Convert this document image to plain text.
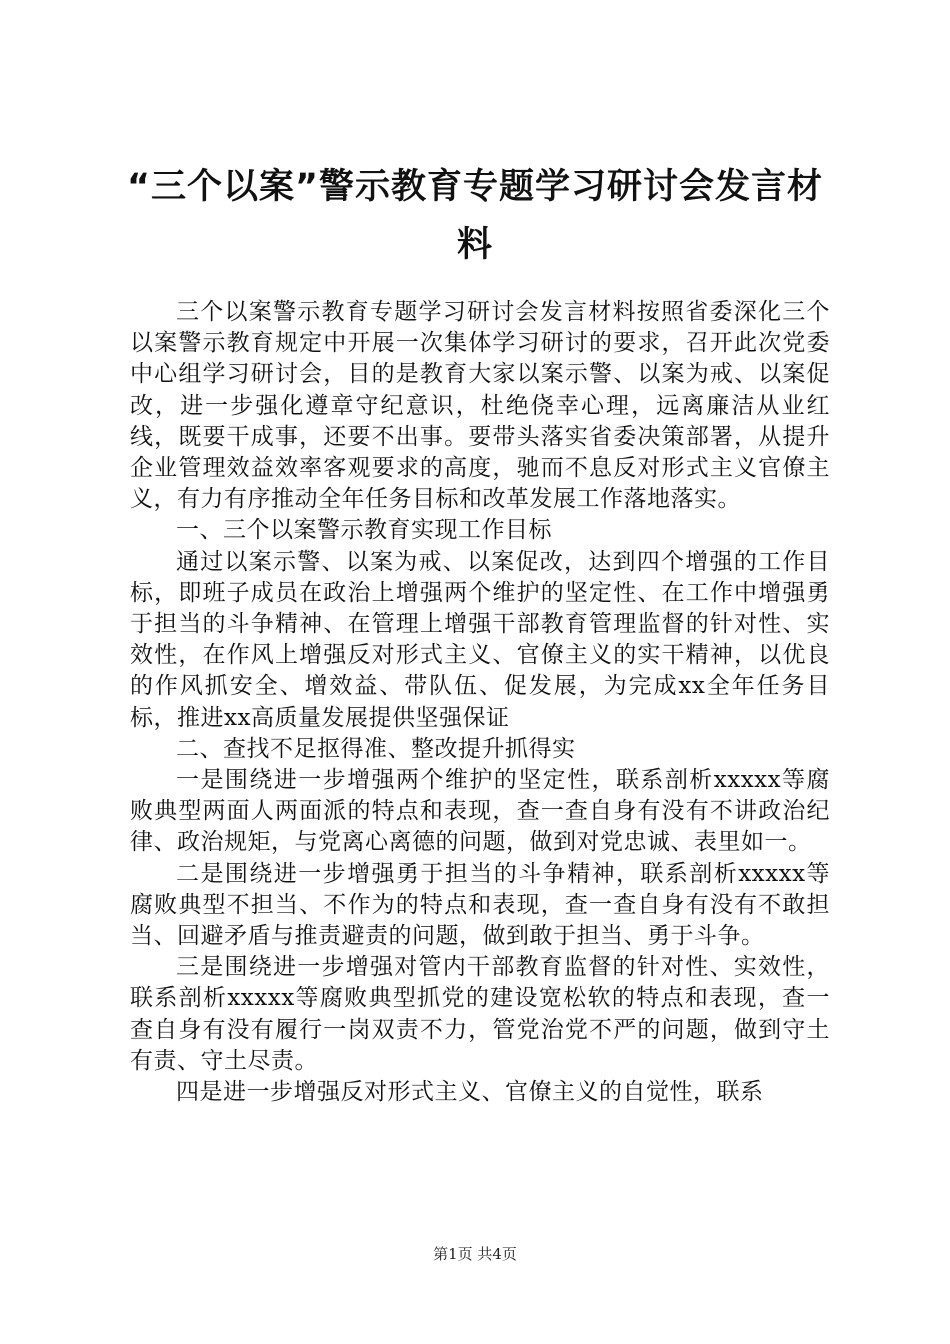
“三个以案”警示教育专题学习研讨会发言材料

三个以案警示教育专题学习研讨会发言材料按照省委深化三个以案警示教育规定中开展一次集体学习研讨的要求，召开此次党委中心组学习研讨会，目的是教育大家以案示警、以案为戒、以案促改，进一步强化遵章守纪意识，杜绝侥幸心理，远离廉洁从业红线，既要干成事，还要不出事。要带头落实省委决策部署，从提升企业管理效益效率客观要求的高度，驰而不息反对形式主义官僚主义，有力有序推动全年任务目标和改革发展工作落地落实。

一、三个以案警示教育实现工作目标

通过以案示警、以案为戒、以案促改，达到四个增强的工作目标，即班子成员在政治上增强两个维护的坚定性、在工作中增强勇于担当的斗争精神、在管理上增强干部教育管理监督的针对性、实效性，在作风上增强反对形式主义、官僚主义的实干精神，以优良的作风抓安全、增效益、带队伍、促发展，为完成xx全年任务目标，推进xx高质量发展提供坚强保证

二、查找不足抠得准、整改提升抓得实

一是围绕进一步增强两个维护的坚定性，联系剖析xxxxx等腐败典型两面人两面派的特点和表现，查一查自身有没有不讲政治纪律、政治规矩，与党离心离德的问题，做到对党忠诚、表里如一。

二是围绕进一步增强勇于担当的斗争精神，联系剖析xxxxx等腐败典型不担当、不作为的特点和表现，查一查自身有没有不敢担当、回避矛盾与推责避责的问题，做到敢于担当、勇于斗争。

三是围绕进一步增强对管内干部教育监督的针对性、实效性，联系剖析xxxxx等腐败典型抓党的建设宽松软的特点和表现，查一查自身有没有履行一岗双责不力，管党治党不严的问题，做到守土有责、守土尽责。

四是进一步增强反对形式主义、官僚主义的自觉性，联系

第1页 共4页
